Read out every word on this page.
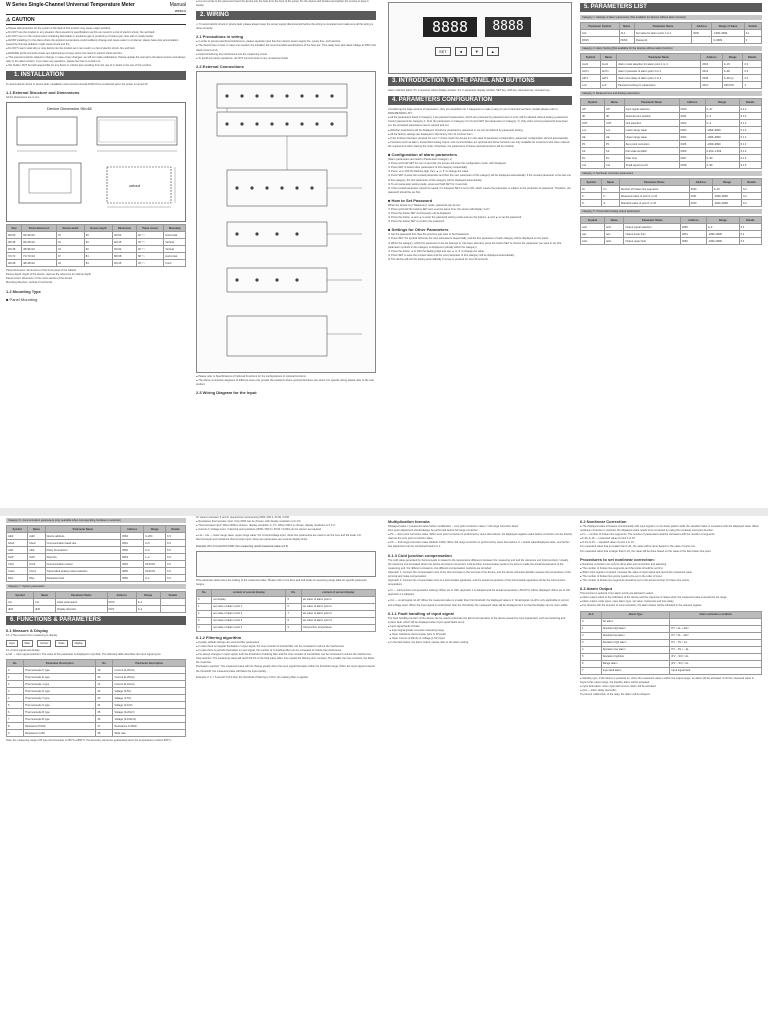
W Series Single-Channel Universal Temperature Meter	Manual
WXSCA
⚠ CAUTION
● Please add protection for the system if the fault of this product may cause major accident.
● Do NOT use the product in any situation that exceeds its specifications as this can result in a risk of electric shock, fire and fault.
● Do NOT use it in the environment containing flammable or explosive gas or producing corrosive gas, dust salt or metal powder.
● AVOID installing it in the place where the ambient temperature could suddenly change and cause water to condense; places have dust accumulation caused by thermal radiation might cause shock and fire.
● Do NOT insert metal strip or wire debris into the product as it can result in a risk of electric shock, fire and fault.
● ENSURE all the terminal screws are tightened as a loose screw can result in electric shock and fire.
● This manual could be subject to change. In case of any changes, we will not make notifications. Please update the manual to the latest version and always refer to the latest version. If you have any questions, please feel free to contact us.
● We SHALL NOT be held responsible for any direct or indirect loss resulting from the use of or faults in the use of this product.
1. INSTALLATION
To avoid electric shock or device fault, installation and unmount should ALWAYS be conducted when the power is turned off.
1.1 External Structure and Dimensions
All the dimensions are in mm
Device Dimension 96×48
cutout
Size	Panel dimension	Device width	Device depth	Dimension	Panel cutout	Mounting
96×96	96×96×10	91	90	92×92	92⁺⁰·⁵	Horizontal
96×48	96×48×10	91	90	92×45	45⁺⁰·⁵	Vertical
96×48	48×96×10	44	90	45×92	92⁺⁰·⁵	Vertical
72×72	72×72×10	67	84	68×68	68⁺⁰·⁵	Horizontal
48×48	48×48×10	44	84	45×45	45⁺⁰·⁵	Front
Panel dimension: dimensions of the front panel of the cabinet
Device depth: depth of the device, used as the reference for cabinet depth
Panel cutout: dimension of the cross section of the device
Mounting direction: vertical or horizontal
1.2 Mounting Type
■ Panel Mounting
● Cut out a hole in the panel and insert the device into the hole from the front of the panel. Fix the device with bracket and tighten the screws to keep it steady.
2. WIRING
⚠ To avoid electric shock or device fault, please always keep the power supply disconnected before the wiring is completed and make sure all the wiring is done correctly.
2.1 Precautions in wiring
● In order to prevent electrical interference, please separate input line from device power supply line, power line, and load line.
● The device has no fuse. In case one needs to be installed, the recommended specifications of the fuse are: Time delay fuse with rated voltage at 250V and rated current at 1A.
● Avoid introducing any interference into the measuring circuit.
● To avoid any faulty operations, do NOT connect wires to any unused terminals.
2.2 External Connections
● Please refer to Specifications of Optional Functions for the configurations of optional functions.
● The above connection diagrams of different sizes only provide the positions where optional functions are wired. For specific wiring please refer to the real product.
2.3 Wiring Diagram for the Input
8888	8888
SET	◄	▼	▲
3. INTRODUCTION TO THE PANEL AND BUTTONS
Alarm indicator lights; PV (measured value) display window; SV or parameter display window; SET key; shift key; decrease key; increase key.
4. PARAMETERS CONFIGURATION
Considering the large amount of parameters, they are classified into 7 categories to make it easy for you to find and set them. Details please refer to PARAMETERS LIST.
● All the parameters listed in Category 1 are password parameters, which are protected by password and no entry will be allowed without setting a password.
Correct password for Category 1: 1111 (for parameters in Category 2 to 6) and 2027 (for parameters in Category 7). Only when correct passwords have been set, the protected parameters can be viewed and set.
● Whether parameters will be displayed: should be protected by password or not can be defined by parameter setting.
● All the factory settings are displayed in the factory. Do not confuse them.
● If the function has been pressed for over 7 minute reach the device is in the state of parameter configuration, parameter configuration will exit automatically.
● Functions such as alarm, transmitted analog output, and communication are optional and these functions are only available for customers who have ordered the requirement when placing the order. Otherwise, the parameters of these optional functions will be invisible.
■ Configuration of alarm parameters
(Alarm parameters are listed in Parameters Category 1)
① Press and hold SET for over 3 seconds, the screen will enter the configuration mode, with displayed.
② Press SET to select other parameters of this category sequentially.
③ Press ◄ to shift the flashing digit, then ▲ or ▼ to change the value.
④ Press SET to save the revised parameter and then the next parameter of this category will be displayed automatically. If the revised parameter is the last one of this category, the first parameter of this category will be displayed automatically.
⑤ To exit parameter setting mode, press and hold SET for 3 seconds.
⑥ If the revised parameter cannot be saved, it is because SET is set to ON, which means the parameter is subject to the protection of password. Therefore, the password should be set first.
■ How to Set Password
When the device is in "Measuring" mode, password can be set:
① Press and hold the buttons SET and ◄ at the same time; the screen will display "LoC".
② Press the button SET continuously until is displayed.
③ Press the button ◄ and ▲ to enter the password setting mode and use the buttons ◄ and ▲ to set the password.
④ Press the button SET to confirm the password.
■ Settings for Other Parameters
① Set the password first (See the previous part How to Set Password).
② Press SET, the symbol will enter the next parameters sequentially, and the first parameter of each category will be displayed on the panel.
③ When the category, which the parameter to be set belongs to, has been selected, press the button SET to choose the parameter you want to set (the parameter symbols in this category is displayed cyclically within the category).
④ Press the button ◄ to shift the flashing digit and use ▲ or ▼ to change the value.
⑤ Press SET to save the revised value and the next parameter of this category will be displayed automatically.
⑥ The device will exit the setting automatically if no key is pressed for over 60 seconds.
5. PARAMETERS LIST
Category 1. Settings of alarm parameters (Not available for devices without alarm function)
Parameter Symbol	Name	Parameter Name	Address	Range of Value	Details
AL1	AL1	Set value for alarm point 1 to 4	0000	-1999~9999	0.1
PASS	PASS	Password	-	0~9999	0
Category 2. Alarm Setting (Not available for the devices without alarm function)
Symbol	Name	Parameter Name	Address	Range	Details
ALd1	ALd1	Alarm mode selection for alarm point 1 to 4	0010	0~15	6.3
AHY1	AHY1	Alarm hysteresis of alarm point 1 to 4	0014	0~99	6.3
AdT1	AdT1	Alarm time delay of alarm point 1 to 4	0018	0~99 (s)	6.3
LoC	LoC	Password setting for parameters	001C	OFF/ON	4
Category 3. Measurement and display parameters
Symbol	Name	Parameter Name	Address	Range	Details
InP	InP	Input signal selection	0020	0~37	6.1.2
dP	dP	Decimal point position	0021	0~3	6.1.2
UnIT	UnIT	Unit selection	0022	0~3	6.1.2
LoL	LoL	Lower range value	0023	-1999~9999	6.1.2
HiL	HiL	Upper range value	0024	-1999~9999	6.1.2
Pb	Pb	Zero point correction	0025	-1999~9999	6.1.3
KK	KK	Full scale amplifier	0026	0.000~1.999	6.1.3
FiL	FiL	Filter time	0027	0~99	6.1.4
Cut	Cut	Small signal cut-off	0028	0~99	6.1.5
Category 4. Nonlinear correction parameters
Symbol	Name	Parameter Name	Address	Range	Details
Fn	Fn	Number of broken line segments	0030	0~15	6.2
F-	F-	Measured value of point 1 to 15	0031	-1999~9999	6.2
S-	S-	Standard value of point 1 to 15	0040	-1999~9999	6.2
Category 5. Transmitted analog output parameters
Symbol	Name	Parameter Name	Address	Range	Details
AoS	AoS	Output signal selection	0050	0~3	6.4
AoL	AoL	Output lower limit	0051	-1999~9999	6.4
AoH	AoH	Output upper limit	0052	-1999~9999	6.4
Category 6. Communication parameters (only available when corresponding hardware is selected)
Symbol	Name	Parameter Name	Address	Range	Details
Addr	Addr	Device address	0060	0~254	6.5
bAud	bAud	Communication baud rate	0061	0~5	6.5
oddt	oddt	Parity bit selection	0062	0~2	6.5
StoP	StoP	Stop bits	0063	1~2	6.5
CoUt	CoUt	Communication output	0064	OFF/ON	6.5
CHo1	CHo1	Transmitted analog output selection	0065	OFF/ON	6.5
PArL	PArL	Parameter lock	0066	0~1	6.5
Category 7. System parameters
Symbol	Name	Parameter Name	Address	Range	Details
CLr	CLr	Clear parameters	0070	0~1	-
dIsP	dIsP	Display direction	0071	0~1	-
6. FUNCTIONS & PARAMETERS
6.1 Measure & Display
6.1.1 The process from measuring to display
Input	Filter	Correct	Scale	Display
6.1.2 Input signal and display
● InP — Input signal selection: The value of this parameter is displayed in symbols. The following table describes the input signal types.
No.	Parameter Description	No.	Parameter Description
0	Thermocouple K type	19	Current (4-20mA)
1	Thermocouple E type	20	Current (0-20mA)
2	Thermocouple J type	21	Current (0-10mA)
3	Thermocouple N type	22	Voltage (0-5V)
4	Thermocouple T type	23	Voltage (1-5V)
5	Thermocouple S type	24	Voltage (0-10V)
6	Thermocouple R type	25	Voltage (0-20mV)
7	Thermocouple B type	26	Voltage (0-100mV)
8	Resistance Pt100	27	Resistance 0-400Ω
9	Resistance Cu50	28	Slide wire
Note: the measuring range of B type thermocouple is 250°C~1800°C; the accuracy cannot be guaranteed when the temperature is below 600°C.
for value is between 0 and 9, respectively representing 0000, 000.0, 00.00, 0.000.
● Resistance thermometer input: Only 0000 can be chosen, with display resolution at 0.1°C.
● Thermocouple input: When 0000 is chosen, display resolution is 1°C. When 000.0 is chosen, display resolution is 0.1°C.
● Current or Voltage input: 4 decimal point positions (0000 / 000.0 / 00.00 / 0.000) can be chosen as required.
● LoL ~ HiL — lower range value, upper range value: For current/voltage input, these two parameters are used to set the zero and full scale. For thermocouple and resistance thermometer input, these two parameters are used as display limits.
Example: Pb=-0.3 and KK=1.000; then measuring result=measured value+(-0.3).
This parameter determines the scaling of the measured value. Please refer to the Zero and Full scale of measuring range table for specific parameter ranges.
No.	content of second display	No.	content of second display
0	not display	5	set value of alarm point 1
1	set value of alarm point 1	6	set value of alarm point 2
2	set value of alarm point 2	7	set value of alarm point 3
3	set value of alarm point 3	8	set value of alarm point 4
4	set value of alarm point 4	9	cold junction temperature
6.1.2 Filtering algorithm
● Usually, default settings are used as filter parameters.
● In case there is irregular fluctuation in input signal, the time constant of inertial filter can be increased to reduce the interference.
● In case there is periodic fluctuation in input signal, the number of smoothing filter can be increased to reduce the interference.
● For abrupt changes in input signal, both the threshold of tracking filter and the time constant of inertial filter can be increased to reduce the interference.
Step reaction: The measuring value will reach 63.2% of the final value when time equals the filtering time constant. The smaller the time constant, the faster the response.
Fluctuation rejection: The measured value will not change greatly when the input signal fluctuates within the threshold range. When the input signal exceeds the threshold, the measured value will follow the input quickly.
Example: If ① = 5 and HY=10.0 then the threshold of filtering is ±10.0, the tracking filter is applied.
Multiplication formula
Displayed value = (measured value before modification − zero point correction value) × full range correction factor
Zero point adjustment should always be performed before full range correction.
● Pb — Zero point correction value: When zero point correction is performed by users themselves, the displayed negative value before correction can be directly used as the zero point correction value.
● KK — Full range correction value (default 1.000): When full range correction is performed by users themselves, K = actual value/displayed value, and further fine adjustment can be conducted based on it.
6.1.3 Cold junction compensation
The cold value generated by thermocouple is related to the temperature difference between the measuring end and the reference end (cold junction). Usually, the reference end is located where the device terminal is connected. Cold junction compensation needs to be done to make the actual temperature of the measuring end. For different occasions, two different compensation methods are provided:
Approach 1: Connect the compensation wire of the thermocouple to the terminal of the device, and the device will automatically measure the temperature of the terminal and make compensation.
Approach 2: Connect the compensation wire to a thermostatic apparatus, and the actual temperature of the thermostatic apparatus will be the cold junction temperature.
● Ct — cold junction compensation settings: When set to OFF, approach 1 is adopted and the actual temperature (-50.00°C) will be displayed. When set to ON, approach 2 is adopted.
● Cut — small signal cut-off: When the measured value is smaller than this threshold, the displayed value is 0. Small signal cut-off is only applicable to current and voltage input. When the input signal is small (lower than the threshold), the measured value will be displayed as 0 so that the display can be more stable.
6.1.1 Fault handling of input signal
The fault handling function of the device can be used to eliminate the abnormal operation of the device caused by input signal fault, such as interfering and system fault, which will be displayed when input signal faults occur.
● Input signal faults include:
● Input signal greatly exceeds measuring range
● Open resistance thermometer (wire A, B break)
● Open current (4-20mA) or voltage (1-5V) input
● In the fault status, the alarm output: please refer to the alarm setting.
6.2 Nonlinear Correction
● The displayed value increases monotonically with input signal in a non-linear pattern while the standard value is consistent with the displayed value. When nonlinear correction is required, the displayed value needs to be corrected by using the nonlinear correction function.
● Fn — number of broken line segments. The number of parameters shall be consistent with the number of segments.
● F-01~F-15 — measured value of point 1 to 15
● S-01~S-15 — standard value of point 1 to 15
For measured value that is smaller than F-01, the value will be done based on the value of point one.
For measured value that is larger than F-15, the value will be done based on the value of the last broken line point.
Procedures to set nonlinear correction:
● Nonlinear correction can only be done after unit connection and adjusting.
● The number of broken line segments and the points should be set first.
● When input signal is imposed, increase the value of input signal and record the measured value.
● The number of broken line points needs to be set in the order of input.
● The number of broken line segments should be set to the actual number of broken line points.
6.3 Alarm Output
This function is optional. Four alarm points are allowed to select.
● Alarm output refers to the indicators of the device and the response of relays when the measured value exceeds the set range.
● Alarm output mode types: open alarm type, set value, hysteresis and time delay.
● For devices with the function of communication, the alarm status will be indicated in the relevant register.
ALd	Alarm Type	Alarm activation condition
0	No alarm	-
1	Absolute high alarm	PV > AL + AHY
2	Absolute low alarm	PV < AL − AHY
3	Deviation high alarm	PV − SV > AL
4	Deviation low alarm	PV − SV < −AL
5	Deviation high/low	|PV − SV| > AL
6	Range alarm	|PV − SV| < AL
7	Input fault alarm	Input signal fault
● Standby type: If the device is powered on, when the measured value is within the output range, an alarm will be activated. Until the measured value is beyond the output range, the standby alarm will be activated.
● Input fault alarm: when input fault occurs, alarm will be activated.
● ALd — alarm delay (seconds)
To prevent malfunction of the relay, the alarm will be delayed.
